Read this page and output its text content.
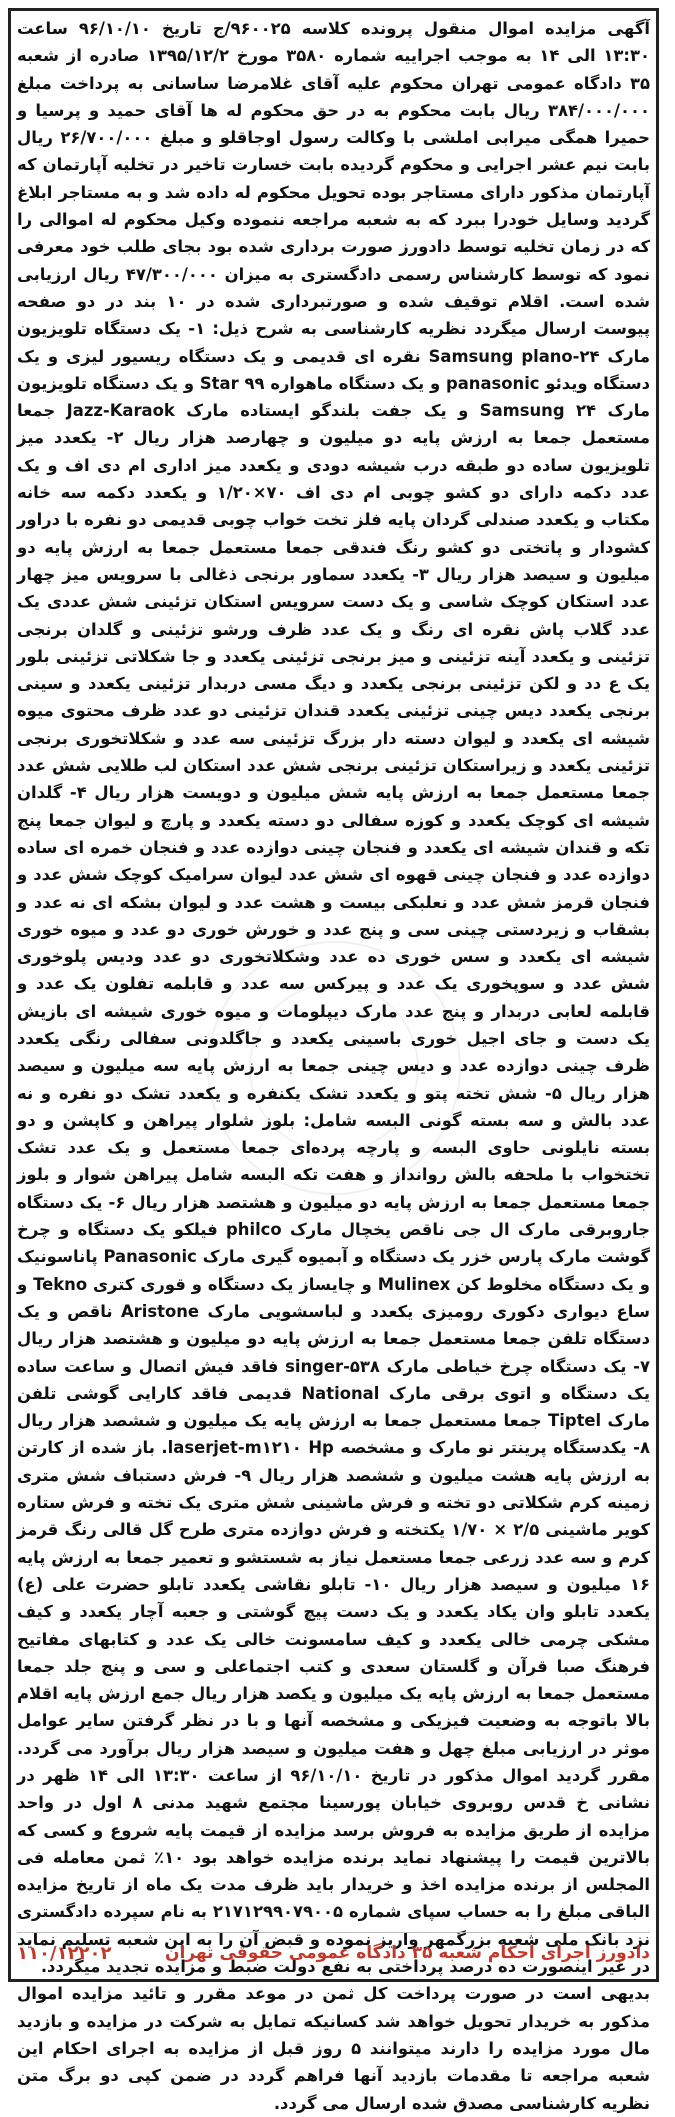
آگهی مزایده اموال منقول پرونده کلاسه ۹۶۰۰۲۵/ج تاریخ ۹۶/۱۰/۱۰ ساعت ۱۳:۳۰ الی ۱۴ به موجب اجراییه شماره ۳۵۸۰ مورخ ۱۳۹۵/۱۲/۲ صادره از شعبه ۳۵ دادگاه عمومی تهران محکوم علیه آقای غلامرضا ساسانی به پرداخت مبلغ ۳۸۴/۰۰۰/۰۰۰ ریال بابت محکوم به در حق محکوم له ها آقای حمید و پرسیا و حمیرا همگی میرابی املشی با وکالت رسول اوجاقلو و مبلغ ۲۶/۷۰۰/۰۰۰ ریال بابت نیم عشر اجرایی و محکوم گردیده بابت خسارت تاخیر در تخلیه آپارتمان که آپارتمان مذکور دارای مستاجر بوده تحویل محکوم له داده شد و به مستاجر ابلاغ گردید وسایل خودرا ببرد که به شعبه مراجعه ننموده وکیل محکوم له اموالی را که در زمان تخلیه توسط دادورز صورت برداری شده بود بجای طلب خود معرفی نمود که توسط کارشناس رسمی دادگستری به میزان ۴۷/۳۰۰/۰۰۰ ریال ارزیابی شده است. اقلام توقیف شده و صورتبرداری شده در ۱۰ بند در دو صفحه پیوست ارسال میگردد نظریه کارشناسی به شرح ذیل: ۱- یک دستگاه تلویزیون مارک Samsung plano-۲۴ نقره ای قدیمی و یک دستگاه ریسیور لیزی و یک دستگاه ویدئو panasonic و یک دستگاه ماهواره Star ۹۹ و یک دستگاه تلویزیون مارک Samsung ۲۴ و یک جفت بلندگو ایستاده مارک Jazz-Karaok جمعا مستعمل جمعا به ارزش پایه دو میلیون و چهارصد هزار ریال ۲- یکعدد میز تلویزیون ساده دو طبقه درب شیشه دودی و یکعدد میز اداری ام دی اف و یک عدد دکمه دارای دو کشو چوبی ام دی اف ۷۰×۱/۲۰ و یکعدد دکمه سه خانه مکتاب و یکعدد صندلی گردان پایه فلز تخت خواب چوبی قدیمی دو نفره با دراور کشودار و پاتختی دو کشو رنگ فندقی جمعا مستعمل جمعا به ارزش پایه دو میلیون و سیصد هزار ریال ۳- یکعدد سماور برنجی ذغالی با سرویس میز چهار عدد استکان کوچک شاسی و یک دست سرویس استکان تزئینی شش عددی یک عدد گلاب پاش نقره ای رنگ و یک عدد ظرف ورشو تزئینی و گلدان برنجی تزئینی و یکعدد آینه تزئینی و میز برنجی تزئینی یکعدد و جا شکلاتی تزئینی بلور یک ع دد و لکن تزئینی برنجی یکعدد و دیگ مسی دربدار تزئینی یکعدد و سینی برنجی یکعدد دیس چینی تزئینی یکعدد قندان تزئینی دو عدد ظرف محتوی میوه شیشه ای یکعدد و لیوان دسته دار بزرگ تزئینی سه عدد و شکلاتخوری برنجی تزئینی یکعدد و زیراستکان تزئینی برنجی شش عدد استکان لب طلایی شش عدد جمعا مستعمل جمعا به ارزش پایه شش میلیون و دویست هزار ریال ۴- گلدان شیشه ای کوچک یکعدد و کوزه سفالی دو دسته یکعدد و پارچ و لیوان جمعا پنج تکه و قندان شیشه ای یکعدد و فنجان چینی دوازده عدد و فنجان خمره ای ساده دوازده عدد و فنجان چینی قهوه ای شش عدد لیوان سرامیک کوچک شش عدد و فنجان قرمز شش عدد و نعلبکی بیست و هشت عدد و لیوان بشکه ای نه عدد و بشقاب و زیردستی چینی سی و پنج عدد و خورش خوری دو عدد و میوه خوری شیشه ای یکعدد و سس خوری ده عدد وشکلاتخوری دو عدد ودیس پلوخوری شش عدد و سوپخوری یک عدد و پیرکس سه عدد و قابلمه تفلون یک عدد و قابلمه لعابی دربدار و پنج عدد مارک دیپلومات و میوه خوری شیشه ای بازیش یک دست و جای اجیل خوری باسینی یکعدد و جاگلدونی سفالی رنگی یکعدد ظرف چینی دوازده عدد و دیس چینی جمعا به ارزش پایه سه میلیون و سیصد هزار ریال ۵- شش تخته پتو و یکعدد تشک یکنفره و یکعدد تشک دو نفره و نه عدد بالش و سه بسته گونی البسه شامل: بلوز شلوار پیراهن و کاپشن و دو بسته نایلونی حاوی البسه و پارچه پرده‌ای جمعا مستعمل و یک عدد تشک تختخواب با ملحفه بالش روانداز و هفت تکه البسه شامل پیراهن شوار و بلوز جمعا مستعمل جمعا به ارزش پایه دو میلیون و هشتصد هزار ریال ۶- یک دستگاه جاروبرقی مارک ال جی ناقص یخچال مارک philco فیلکو یک دستگاه و چرخ گوشت مارک پارس خزر یک دستگاه و آبمیوه گیری مارک Panasonic پاناسونیک و یک دستگاه مخلوط کن Mulinex و چایساز یک دستگاه و قوری کتری Tekno و ساع دیواری دکوری رومیزی یکعدد و لباسشویی مارک Aristone ناقص و یک دستگاه تلفن جمعا مستعمل جمعا به ارزش پایه دو میلیون و هشتصد هزار ریال ۷- یک دستگاه چرخ خیاطی مارک singer-۵۳۸ فاقد فیش اتصال و ساعت ساده یک دستگاه و اتوی برقی مارک National قدیمی فاقد کارایی گوشی تلفن مارک Tiptel جمعا مستعمل جمعا به ارزش پایه یک میلیون و ششصد هزار ریال ۸- یکدستگاه پرینتر نو مارک و مشخصه laserjet-m۱۲۱۰ Hp. باز شده از کارتن به ارزش پایه هشت میلیون و ششصد هزار ریال ۹- فرش دستباف شش متری زمینه کرم شکلاتی دو تخته و فرش ماشینی شش متری یک تخته و فرش ستاره کویر ماشینی ۲/۵ × ۱/۷۰ یکتخته و فرش دوازده متری طرح گل قالی رنگ قرمز کرم و سه عدد زرعی جمعا مستعمل نیاز به شستشو و تعمیر جمعا به ارزش پایه ۱۶ میلیون و سیصد هزار ریال ۱۰- تابلو نقاشی یکعدد تابلو حضرت علی (ع) یکعدد تابلو وان یکاد یکعدد و یک دست پیچ گوشتی و جعبه آچار یکعدد و کیف مشکی چرمی خالی یکعدد و کیف سامسونت خالی یک عدد و کتابهای مفاتیح فرهنگ صبا قرآن و گلستان سعدی و کتب اجتماعلی و سی و پنج جلد جمعا مستعمل جمعا به ارزش پایه یک میلیون و یکصد هزار ریال جمع ارزش پایه اقلام بالا باتوجه به وضعیت فیزیکی و مشخصه آنها و با در نظر گرفتن سایر عوامل موثر در ارزیابی مبلغ چهل و هفت میلیون و سیصد هزار ریال برآورد می گردد. مقرر گردید اموال مذکور در تاریخ ۹۶/۱۰/۱۰ از ساعت ۱۳:۳۰ الی ۱۴ ظهر در نشانی خ قدس روبروی خیابان پورسینا مجتمع شهید مدنی ۸ اول در واحد مزایده از طریق مزایده به فروش برسد مزایده از قیمت پایه شروع و کسی که بالاترین قیمت را پیشنهاد نماید برنده مزایده خواهد بود ۱۰٪ ثمن معامله فی المجلس از برنده مزایده اخذ و خریدار باید ظرف مدت یک ماه از تاریخ مزایده الباقی مبلغ را به حساب سپای شماره ۲۱۷۱۲۹۹۰۷۹۰۰۵ به نام سپرده دادگستری نزد بانک ملی شعبه بزرگمهر واریز نموده و قبض آن را به این شعبه تسلیم نماید در غیر اینصورت ده درصد پرداختی به نفع دولت ضبط و مزایده تجدید میگردد.

بدیهی است در صورت پرداخت کل ثمن در موعد مقرر و تائید مزایده اموال مذکور به خریدار تحویل خواهد شد کسانیکه تمایل به شرکت در مزایده و بازدید مال مورد مزایده را دارند میتوانند ۵ روز قبل از مزایده به اجرای احکام این شعبه مراجعه تا مقدمات بازدید آنها فراهم گردد در ضمن کپی دو برگ متن نظریه کارشناسی مصدق شده ارسال می گردد.

دادورز اجرای احکام شعبه ۳۵ دادگاه عمومی حقوقی تهران
۱۱۰/۱۲۲۰۲
